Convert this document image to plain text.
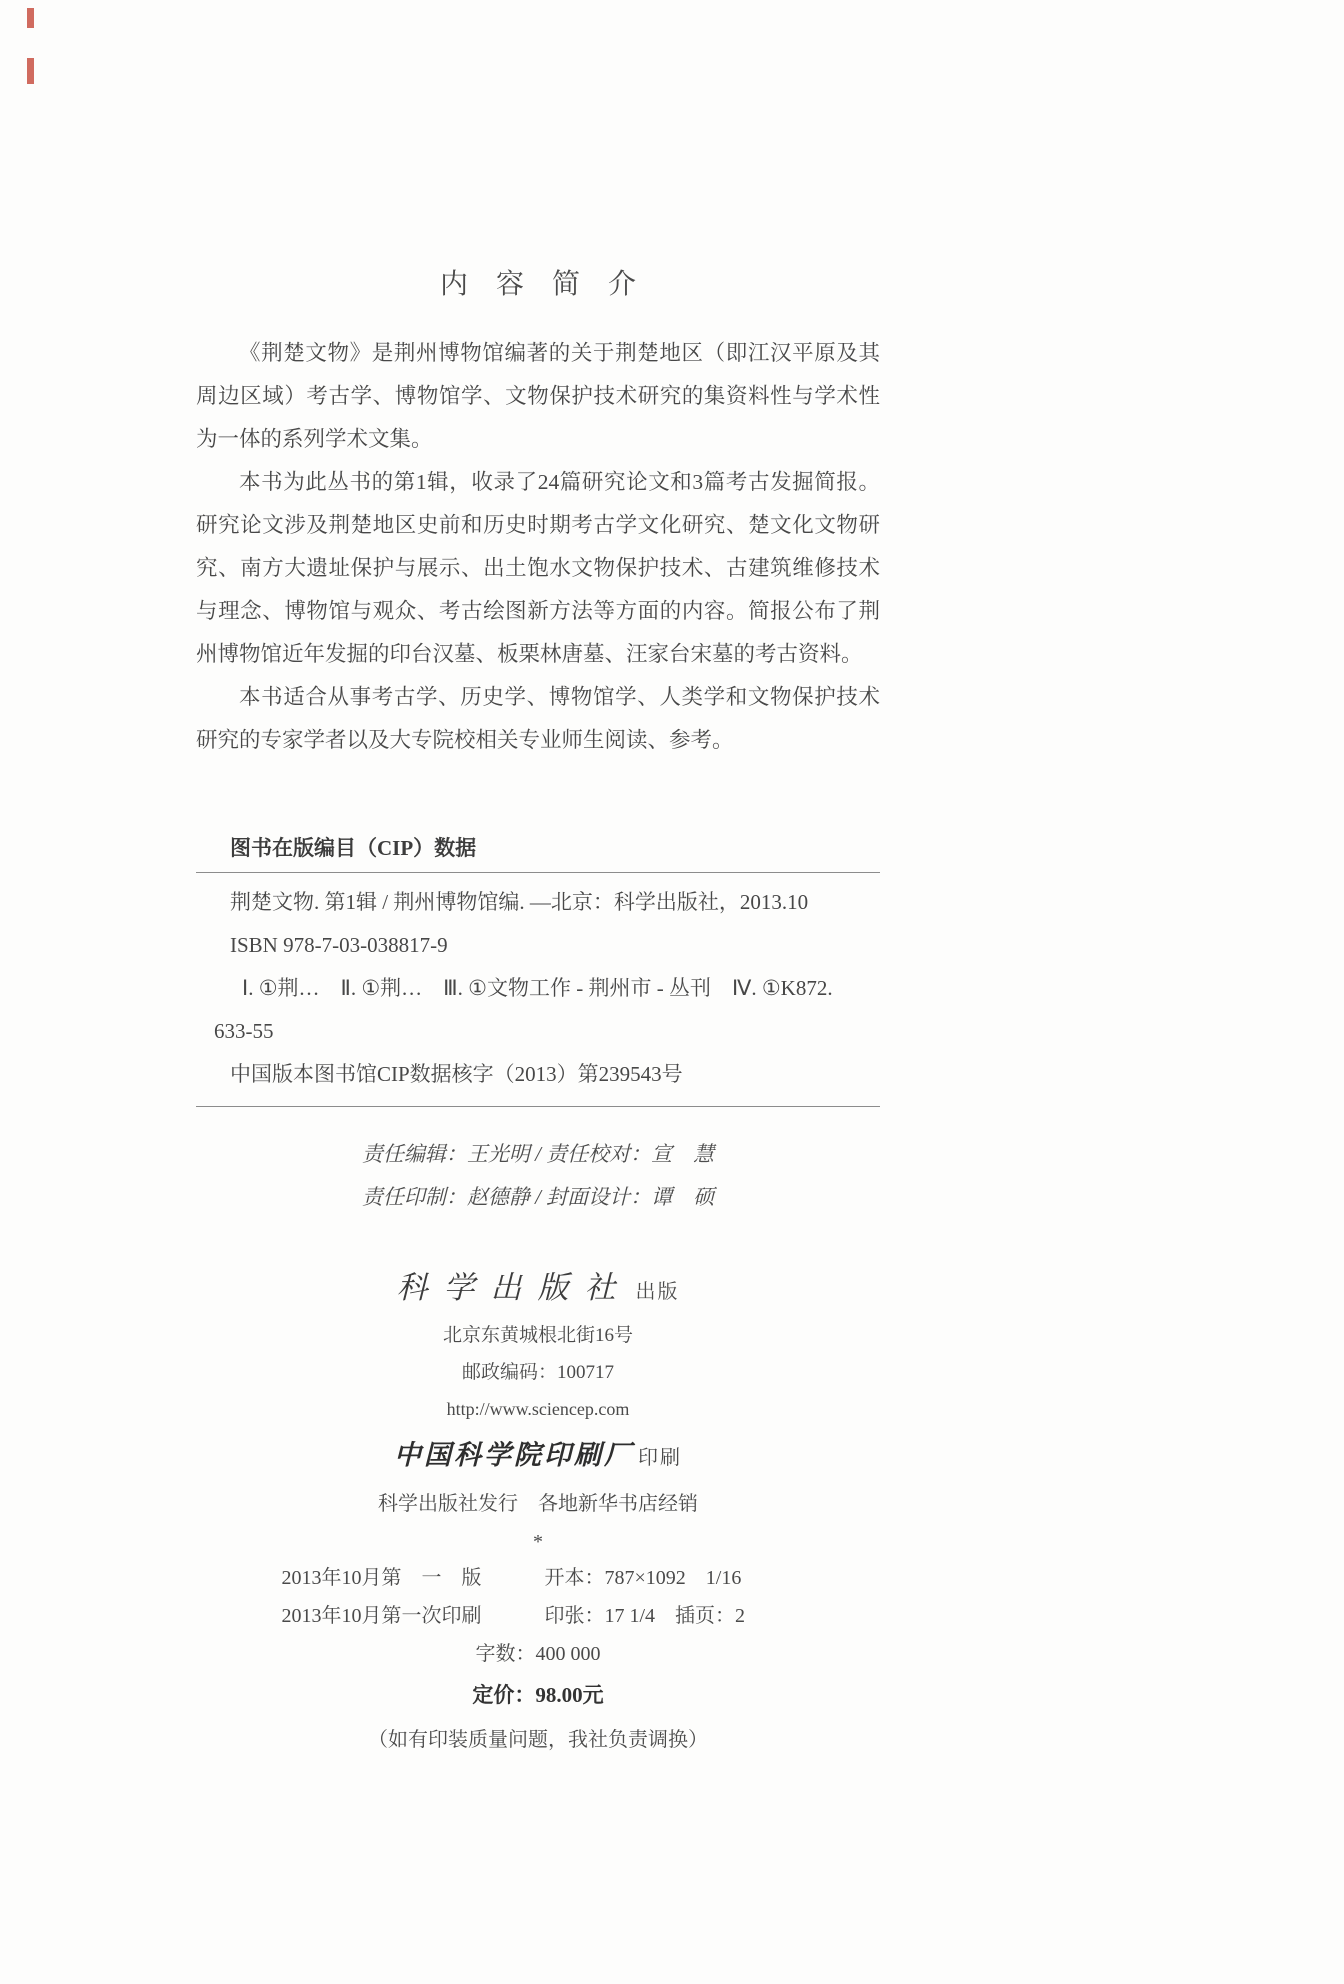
内　容　简　介

《荆楚文物》是荆州博物馆编著的关于荆楚地区（即江汉平原及其周边区域）考古学、博物馆学、文物保护技术研究的集资料性与学术性为一体的系列学术文集。

本书为此丛书的第1辑，收录了24篇研究论文和3篇考古发掘简报。研究论文涉及荆楚地区史前和历史时期考古学文化研究、楚文化文物研究、南方大遗址保护与展示、出土饱水文物保护技术、古建筑维修技术与理念、博物馆与观众、考古绘图新方法等方面的内容。简报公布了荆州博物馆近年发掘的印台汉墓、板栗林唐墓、汪家台宋墓的考古资料。

本书适合从事考古学、历史学、博物馆学、人类学和文物保护技术研究的专家学者以及大专院校相关专业师生阅读、参考。

图书在版编目（CIP）数据

荆楚文物. 第1辑 / 荆州博物馆编. —北京：科学出版社，2013.10

ISBN 978-7-03-038817-9

Ⅰ. ①荆…　Ⅱ. ①荆…　Ⅲ. ①文物工作 - 荆州市 - 丛刊　Ⅳ. ①K872.

633-55

中国版本图书馆CIP数据核字（2013）第239543号

责任编辑：王光明 / 责任校对：宣　慧
责任印制：赵德静 / 封面设计：谭　硕
科学出版社 出版
北京东黄城根北街16号
邮政编码：100717
http://www.sciencep.com
中国科学院印刷厂 印刷
科学出版社发行　各地新华书店经销
*
2013年10月第　一　版	开本：787×1092　1/16
2013年10月第一次印刷	印张：17 1/4　插页：2
字数：400 000
定价：98.00元
（如有印装质量问题，我社负责调换）
